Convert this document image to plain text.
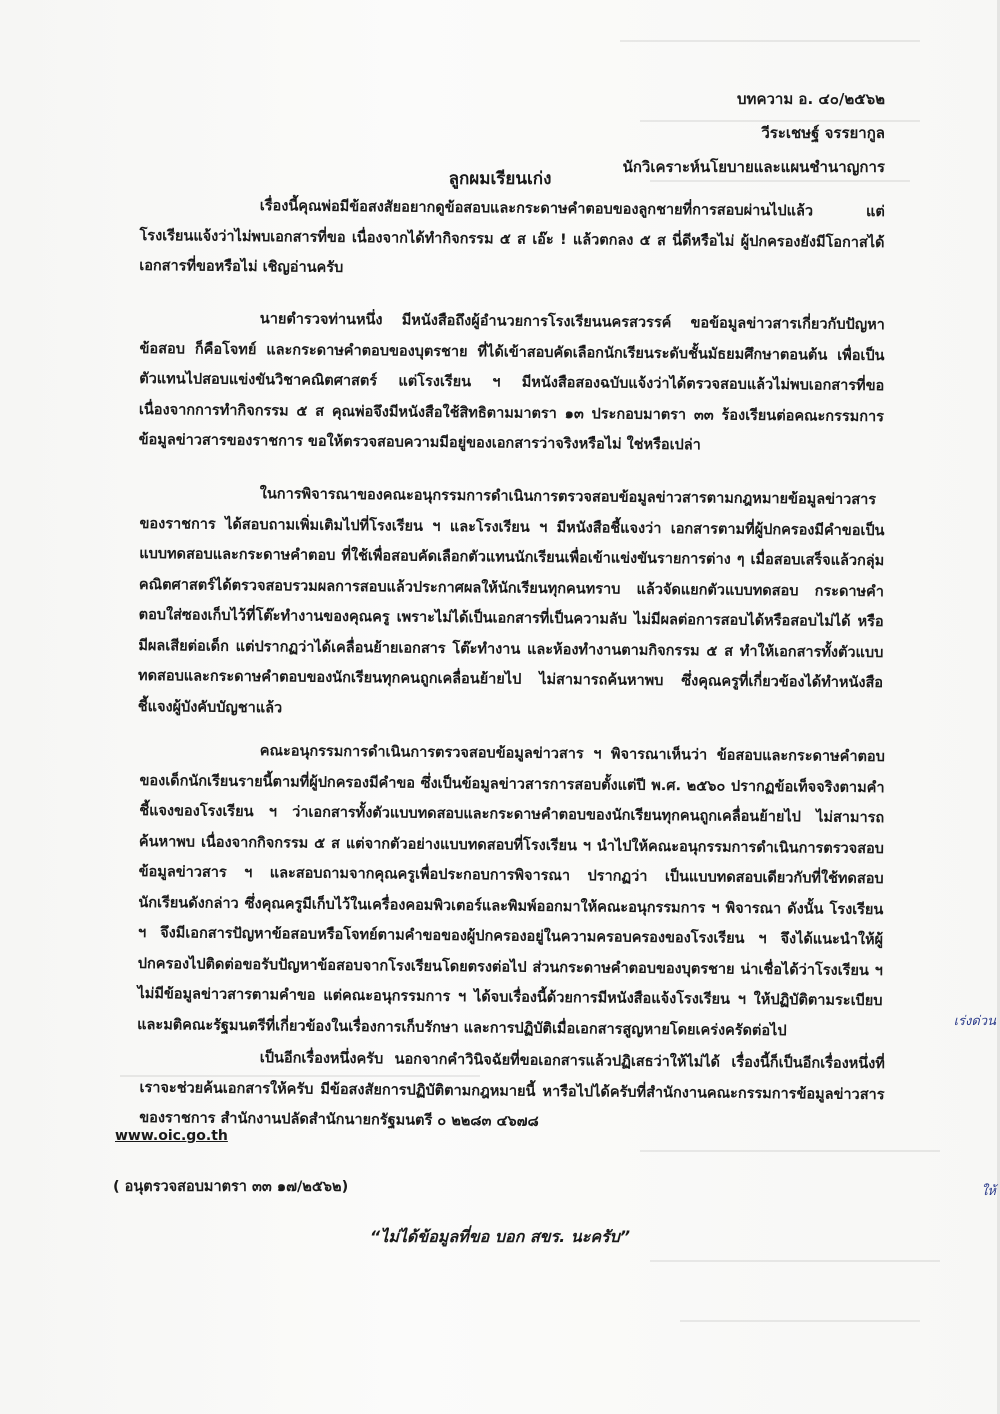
บทความ อ. ๔๐/๒๕๖๒
วีระเชษฐ์ จรรยากูล
นักวิเคราะห์นโยบายและแผนชำนาญการ
ลูกผมเรียนเก่ง
เรื่องนี้คุณพ่อมีข้อสงสัยอยากดูข้อสอบและกระดาษคำตอบของลูกชายที่การสอบผ่านไปแล้ว แต่โรงเรียนแจ้งว่าไม่พบเอกสารที่ขอ เนื่องจากได้ทำกิจกรรม ๕ ส เอ๊ะ ! แล้วตกลง ๕ ส นี่ดีหรือไม่ ผู้ปกครองยังมีโอกาสได้เอกสารที่ขอหรือไม่ เชิญอ่านครับ
นายตำรวจท่านหนึ่ง มีหนังสือถึงผู้อำนวยการโรงเรียนนครสวรรค์ ขอข้อมูลข่าวสารเกี่ยวกับปัญหาข้อสอบ ก็คือโจทย์ และกระดาษคำตอบของบุตรชาย ที่ได้เข้าสอบคัดเลือกนักเรียนระดับชั้นมัธยมศึกษาตอนต้น เพื่อเป็นตัวแทนไปสอบแข่งขันวิชาคณิตศาสตร์ แต่โรงเรียน ฯ มีหนังสือสองฉบับแจ้งว่าได้ตรวจสอบแล้วไม่พบเอกสารที่ขอ เนื่องจากการทำกิจกรรม ๕ ส คุณพ่อจึงมีหนังสือใช้สิทธิตามมาตรา ๑๓ ประกอบมาตรา ๓๓ ร้องเรียนต่อคณะกรรมการข้อมูลข่าวสารของราชการ ขอให้ตรวจสอบความมีอยู่ของเอกสารว่าจริงหรือไม่ ใช่หรือเปล่า
ในการพิจารณาของคณะอนุกรรมการดำเนินการตรวจสอบข้อมูลข่าวสารตามกฎหมายข้อมูลข่าวสารของราชการ ได้สอบถามเพิ่มเติมไปที่โรงเรียน ฯ และโรงเรียน ฯ มีหนังสือชี้แจงว่า เอกสารตามที่ผู้ปกครองมีคำขอเป็นแบบทดสอบและกระดาษคำตอบ ที่ใช้เพื่อสอบคัดเลือกตัวแทนนักเรียนเพื่อเข้าแข่งขันรายการต่าง ๆ เมื่อสอบเสร็จแล้วกลุ่มคณิตศาสตร์ได้ตรวจสอบรวมผลการสอบแล้วประกาศผลให้นักเรียนทุกคนทราบ แล้วจัดแยกตัวแบบทดสอบ กระดาษคำตอบใส่ซองเก็บไว้ที่โต๊ะทำงานของคุณครู เพราะไม่ได้เป็นเอกสารที่เป็นความลับ ไม่มีผลต่อการสอบได้หรือสอบไม่ได้ หรือมีผลเสียต่อเด็ก แต่ปรากฏว่าได้เคลื่อนย้ายเอกสาร โต๊ะทำงาน และห้องทำงานตามกิจกรรม ๕ ส ทำให้เอกสารทั้งตัวแบบทดสอบและกระดาษคำตอบของนักเรียนทุกคนถูกเคลื่อนย้ายไป ไม่สามารถค้นหาพบ ซึ่งคุณครูที่เกี่ยวข้องได้ทำหนังสือชี้แจงผู้บังคับบัญชาแล้ว
คณะอนุกรรมการดำเนินการตรวจสอบข้อมูลข่าวสาร ฯ พิจารณาเห็นว่า ข้อสอบและกระดาษคำตอบของเด็กนักเรียนรายนี้ตามที่ผู้ปกครองมีคำขอ ซึ่งเป็นข้อมูลข่าวสารการสอบตั้งแต่ปี พ.ศ. ๒๕๖๐ ปรากฏข้อเท็จจริงตามคำชี้แจงของโรงเรียน ฯ ว่าเอกสารทั้งตัวแบบทดสอบและกระดาษคำตอบของนักเรียนทุกคนถูกเคลื่อนย้ายไป ไม่สามารถค้นหาพบ เนื่องจากกิจกรรม ๕ ส แต่จากตัวอย่างแบบทดสอบที่โรงเรียน ฯ นำไปให้คณะอนุกรรมการดำเนินการตรวจสอบข้อมูลข่าวสาร ฯ และสอบถามจากคุณครูเพื่อประกอบการพิจารณา ปรากฏว่า เป็นแบบทดสอบเดียวกับที่ใช้ทดสอบนักเรียนดังกล่าว ซึ่งคุณครูมีเก็บไว้ในเครื่องคอมพิวเตอร์และพิมพ์ออกมาให้คณะอนุกรรมการ ฯ พิจารณา ดังนั้น โรงเรียน ฯ จึงมีเอกสารปัญหาข้อสอบหรือโจทย์ตามคำขอของผู้ปกครองอยู่ในความครอบครองของโรงเรียน ฯ จึงได้แนะนำให้ผู้ปกครองไปติดต่อขอรับปัญหาข้อสอบจากโรงเรียนโดยตรงต่อไป ส่วนกระดาษคำตอบของบุตรชาย น่าเชื่อได้ว่าโรงเรียน ฯ ไม่มีข้อมูลข่าวสารตามคำขอ แต่คณะอนุกรรมการ ฯ ได้จบเรื่องนี้ด้วยการมีหนังสือแจ้งโรงเรียน ฯ ให้ปฏิบัติตามระเบียบ และมติคณะรัฐมนตรีที่เกี่ยวข้องในเรื่องการเก็บรักษา และการปฏิบัติเมื่อเอกสารสูญหายโดยเคร่งครัดต่อไป
เป็นอีกเรื่องหนึ่งครับ นอกจากคำวินิจฉัยที่ขอเอกสารแล้วปฏิเสธว่าให้ไม่ได้ เรื่องนี้ก็เป็นอีกเรื่องหนึ่งที่เราจะช่วยค้นเอกสารให้ครับ มีข้อสงสัยการปฏิบัติตามกฎหมายนี้ หารือไปได้ครับที่สำนักงานคณะกรรมการข้อมูลข่าวสารของราชการ สำนักงานปลัดสำนักนายกรัฐมนตรี ๐ ๒๒๘๓ ๔๖๗๘
www.oic.go.th
( อนุตรวจสอบมาตรา ๓๓ ๑๗/๒๕๖๒)
“ไม่ได้ข้อมูลที่ขอ บอก สขร. นะครับ”
เร่งด่วน
ให้
